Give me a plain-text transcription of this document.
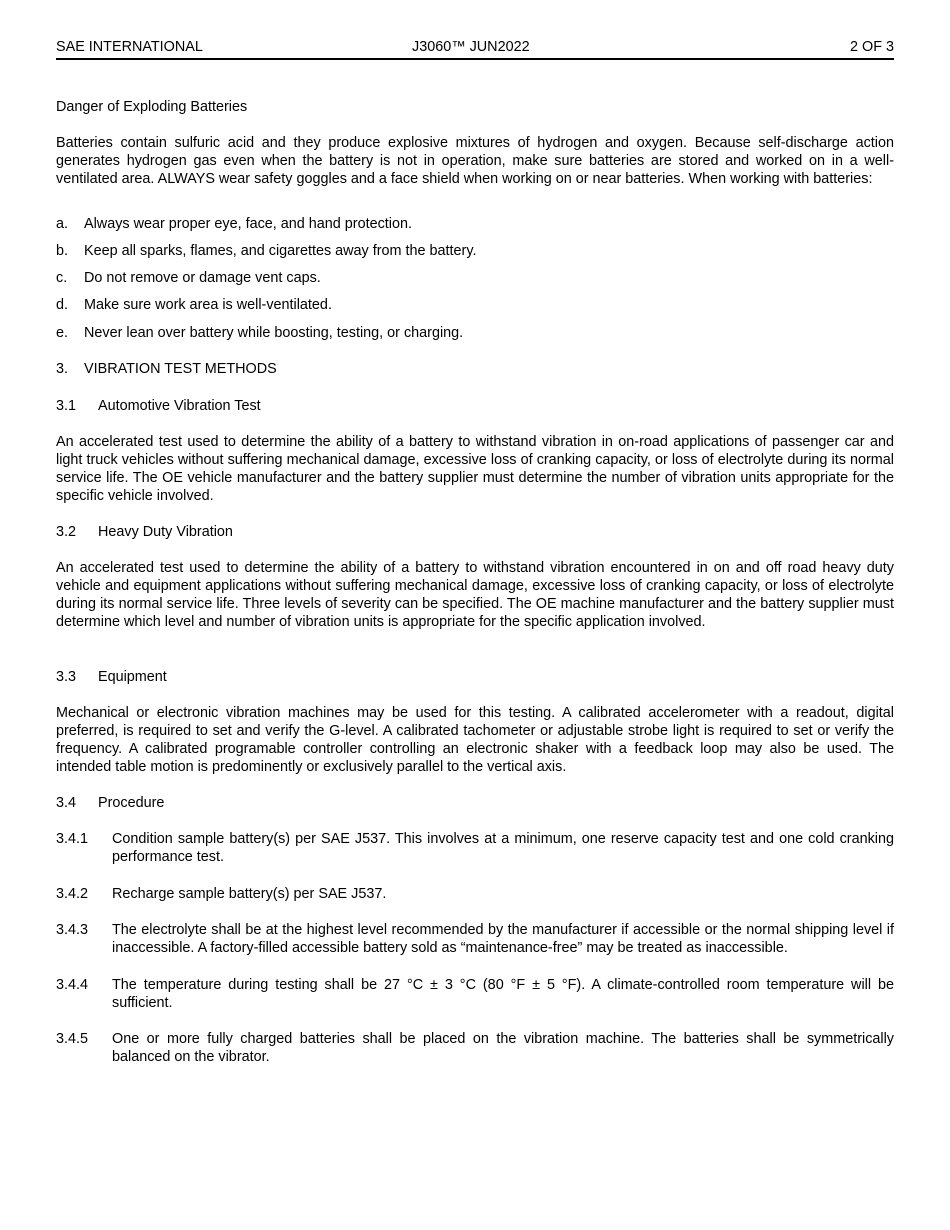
SAE INTERNATIONAL	J3060™ JUN2022	2 OF 3
Danger of Exploding Batteries
Batteries contain sulfuric acid and they produce explosive mixtures of hydrogen and oxygen. Because self-discharge action generates hydrogen gas even when the battery is not in operation, make sure batteries are stored and worked on in a well-ventilated area. ALWAYS wear safety goggles and a face shield when working on or near batteries. When working with batteries:
a. Always wear proper eye, face, and hand protection.
b. Keep all sparks, flames, and cigarettes away from the battery.
c. Do not remove or damage vent caps.
d. Make sure work area is well-ventilated.
e. Never lean over battery while boosting, testing, or charging.
3. VIBRATION TEST METHODS
3.1 Automotive Vibration Test
An accelerated test used to determine the ability of a battery to withstand vibration in on-road applications of passenger car and light truck vehicles without suffering mechanical damage, excessive loss of cranking capacity, or loss of electrolyte during its normal service life. The OE vehicle manufacturer and the battery supplier must determine the number of vibration units appropriate for the specific vehicle involved.
3.2 Heavy Duty Vibration
An accelerated test used to determine the ability of a battery to withstand vibration encountered in on and off road heavy duty vehicle and equipment applications without suffering mechanical damage, excessive loss of cranking capacity, or loss of electrolyte during its normal service life. Three levels of severity can be specified. The OE machine manufacturer and the battery supplier must determine which level and number of vibration units is appropriate for the specific application involved.
3.3 Equipment
Mechanical or electronic vibration machines may be used for this testing. A calibrated accelerometer with a readout, digital preferred, is required to set and verify the G-level. A calibrated tachometer or adjustable strobe light is required to set or verify the frequency. A calibrated programable controller controlling an electronic shaker with a feedback loop may also be used. The intended table motion is predominently or exclusively parallel to the vertical axis.
3.4 Procedure
3.4.1 Condition sample battery(s) per SAE J537. This involves at a minimum, one reserve capacity test and one cold cranking performance test.
3.4.2 Recharge sample battery(s) per SAE J537.
3.4.3 The electrolyte shall be at the highest level recommended by the manufacturer if accessible or the normal shipping level if inaccessible. A factory-filled accessible battery sold as “maintenance-free” may be treated as inaccessible.
3.4.4 The temperature during testing shall be 27 °C ± 3 °C (80 °F ± 5 °F). A climate-controlled room temperature will be sufficient.
3.4.5 One or more fully charged batteries shall be placed on the vibration machine. The batteries shall be symmetrically balanced on the vibrator.
